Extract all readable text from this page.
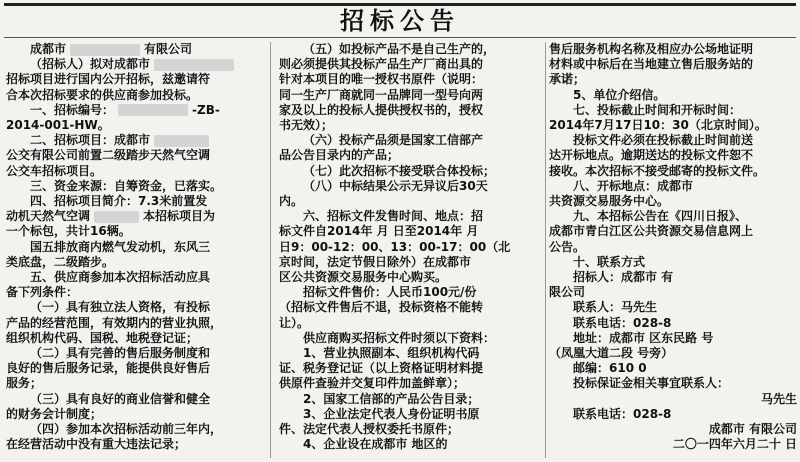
招标公告

成都市	有限公司

（招标人）拟对成都市

招标项目进行国内公开招标，兹邀请符

合本次招标要求的供应商参加投标。

一、招标编号：	-ZB-

2014-001-HW。

二、招标项目：成都市

公交有限公司前置二级踏步天然气空调

公交车招标项目。

三、资金来源：自筹资金，已落实。

四、招标项目简介：7.3米前置发

动机天然气空调	本招标项目为

一个标包，共计16辆。

国五排放商内燃气发动机，东风三

类底盘，二级踏步。

五、供应商参加本次招标活动应具

备下列条件：

（一）具有独立法人资格，有投标

产品的经营范围，有效期内的营业执照，

组织机构代码、国税、地税登记证；

（二）具有完善的售后服务制度和

良好的售后服务记录，能提供良好售后

服务；

（三）具有良好的商业信誉和健全

的财务会计制度；

（四）参加本次招标活动前三年内，

在经营活动中没有重大违法记录；

（五）如投标产品不是自己生产的，

则必须提供其投标产品生产厂商出具的

针对本项目的唯一授权书原件（说明：

同一生产厂商就同一品牌同一型号向两

家及以上的投标人提供授权书的，授权

书无效）；

（六）投标产品须是国家工信部产

品公告目录内的产品；

（七）此次招标不接受联合体投标；

（八）中标结果公示无异议后30天

内。

六、招标文件发售时间、地点：招

标文件自2014年 月 日至2014年 月

日9：00-12：00、13：00-17：00（北

京时间，法定节假日除外）在成都市

区公共资源交易服务中心购买。

招标文件售价：人民币100元/份

（招标文件售后不退，投标资格不能转

让）。

供应商购买招标文件时须以下资料：

1、营业执照副本、组织机构代码

证、税务登记证（以上资格证明材料提

供原件查验并交复印件加盖鲜章）；

2、国家工信部的产品公告目录；

3、企业法定代表人身份证明书原

件、法定代表人授权委托书原件；

4、企业设在成都市 地区的

售后服务机构名称及相应办公场地证明

材料或中标后在当地建立售后服务站的

承诺；

5、单位介绍信。

七、投标截止时间和开标时间：

2014年7月17日10：30（北京时间）。

投标文件必须在投标截止时间前送

达开标地点。逾期送达的投标文件恕不

接收。本次招标不接受邮寄的投标文件。

八、开标地点：成都市

共资源交易服务中心。

九、本招标公告在《四川日报》、

成都市青白江区公共资源交易信息网上

公告。

十、联系方式

招标人：成都市 有

限公司

联系人：马先生

联系电话：028-8

地址：成都市 区东民路 号

（凤凰大道二段 号旁）

邮编：610 0

投标保证金相关事宜联系人：

马先生

联系电话：028-8

成都市 有限公司

二〇一四年六月二十 日
